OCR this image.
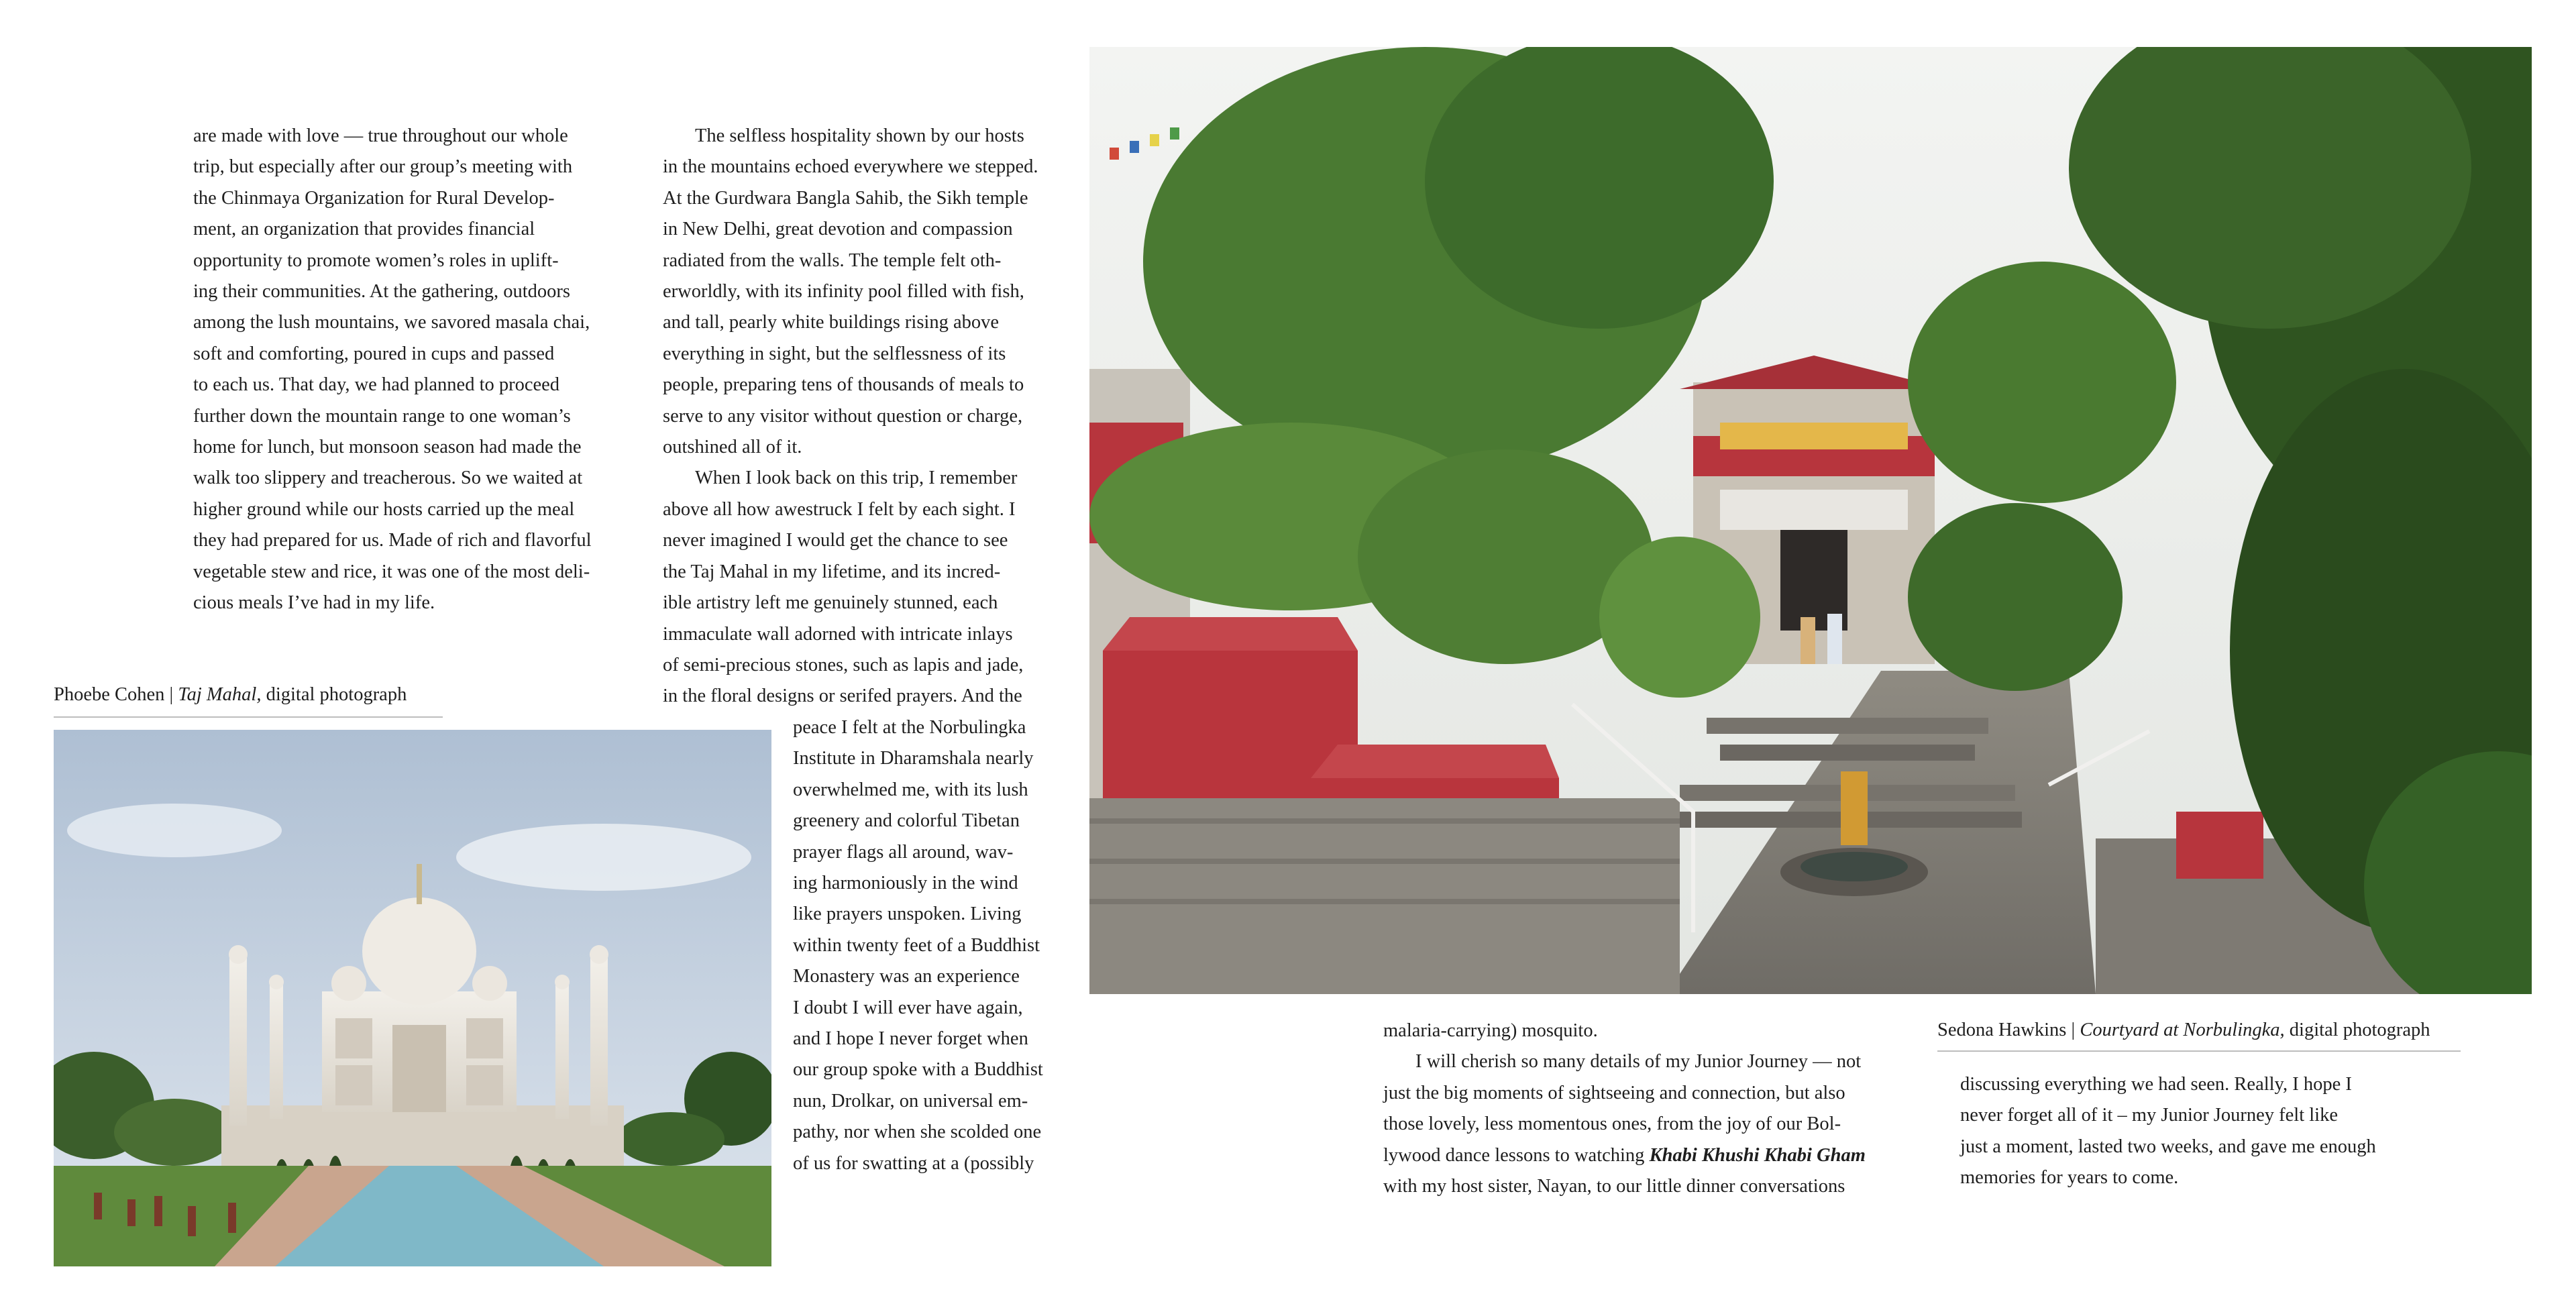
are made with love — true throughout our whole
trip, but especially after our group’s meeting with
the Chinmaya Organization for Rural Develop-
ment, an organization that provides financial
opportunity to promote women’s roles in uplift-
ing their communities. At the gathering, outdoors
among the lush mountains, we savored masala chai,
soft and comforting, poured in cups and passed
to each us. That day, we had planned to proceed
further down the mountain range to one woman’s
home for lunch, but monsoon season had made the
walk too slippery and treacherous. So we waited at
higher ground while our hosts carried up the meal
they had prepared for us. Made of rich and flavorful
vegetable stew and rice, it was one of the most deli-
cious meals I’ve had in my life.
Phoebe Cohen | Taj Mahal, digital photograph
The selfless hospitality shown by our hosts
in the mountains echoed everywhere we stepped.
At the Gurdwara Bangla Sahib, the Sikh temple
in New Delhi, great devotion and compassion
radiated from the walls. The temple felt oth-
erworldly, with its infinity pool filled with fish,
and tall, pearly white buildings rising above
everything in sight, but the selflessness of its
people, preparing tens of thousands of meals to
serve to any visitor without question or charge,
outshined all of it.
When I look back on this trip, I remember
above all how awestruck I felt by each sight. I
never imagined I would get the chance to see
the Taj Mahal in my lifetime, and its incred-
ible artistry left me genuinely stunned, each
immaculate wall adorned with intricate inlays
of semi-precious stones, such as lapis and jade,
in the floral designs or serifed prayers. And the
peace I felt at the Norbulingka
Institute in Dharamshala nearly
overwhelmed me, with its lush
greenery and colorful Tibetan
prayer flags all around, wav-
ing harmoniously in the wind
like prayers unspoken. Living
within twenty feet of a Buddhist
Monastery was an experience
I doubt I will ever have again,
and I hope I never forget when
our group spoke with a Buddhist
nun, Drolkar, on universal em-
pathy, nor when she scolded one
of us for swatting at a (possibly
malaria-carrying) mosquito.
I will cherish so many details of my Junior Journey — not
just the big moments of sightseeing and connection, but also
those lovely, less momentous ones, from the joy of our Bol-
lywood dance lessons to watching Khabi Khushi Khabi Gham
with my host sister, Nayan, to our little dinner conversations
Sedona Hawkins | Courtyard at Norbulingka, digital photograph
discussing everything we had seen. Really, I hope I
never forget all of it – my Junior Journey felt like
just a moment, lasted two weeks, and gave me enough
memories for years to come.
